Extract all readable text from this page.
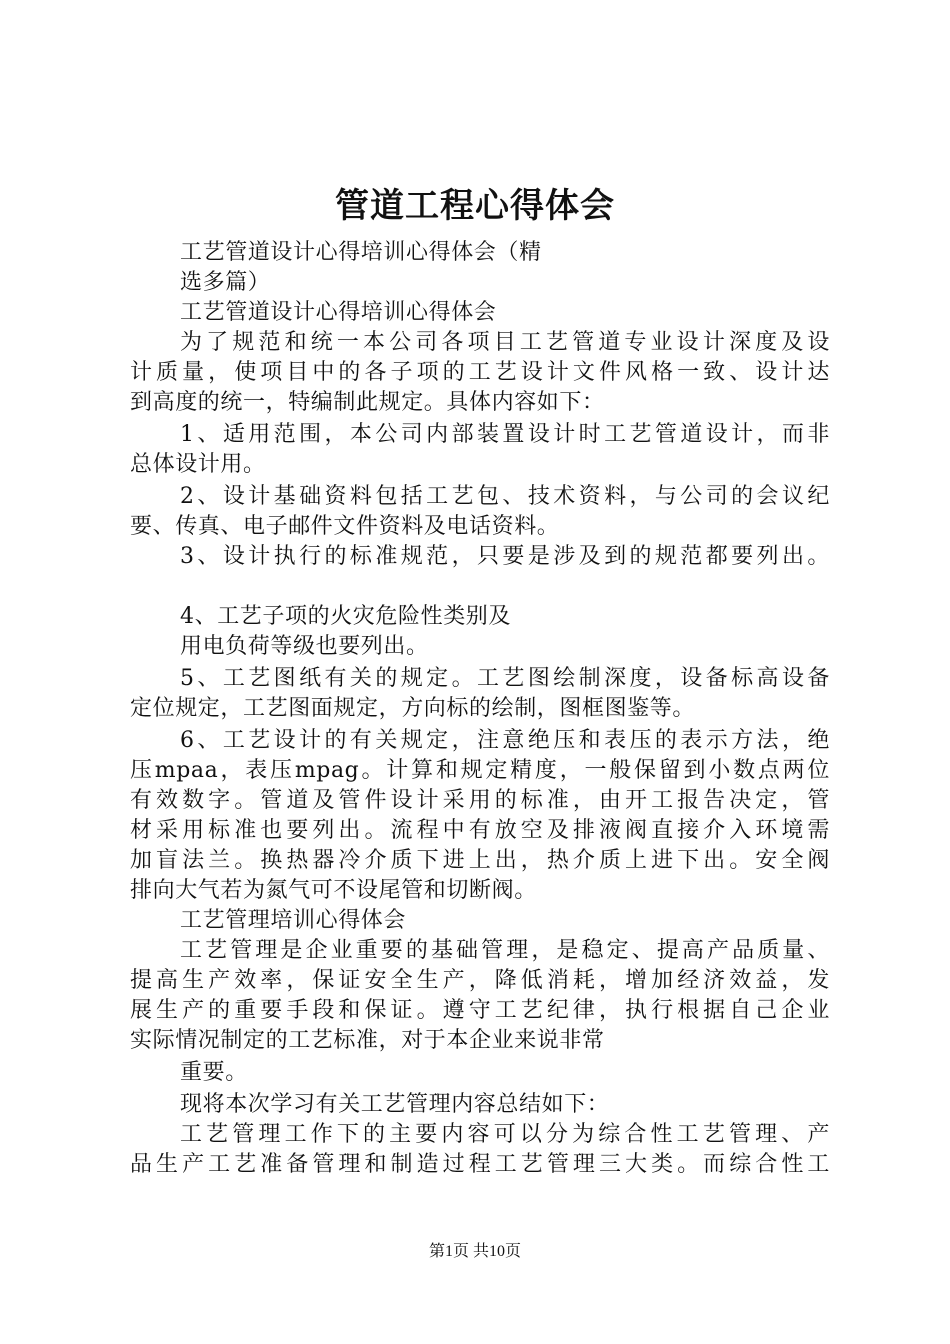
管道工程心得体会
工艺管道设计心得培训心得体会（精
选多篇）
工艺管道设计心得培训心得体会
为了规范和统一本公司各项目工艺管道专业设计深度及设
计质量，使项目中的各子项的工艺设计文件风格一致、设计达
到高度的统一，特编制此规定。具体内容如下：
1、适用范围，本公司内部装置设计时工艺管道设计，而非
总体设计用。
2、设计基础资料包括工艺包、技术资料，与公司的会议纪
要、传真、电子邮件文件资料及电话资料。
3、设计执行的标准规范，只要是涉及到的规范都要列出。
4、工艺子项的火灾危险性类别及
用电负荷等级也要列出。
5、工艺图纸有关的规定。工艺图绘制深度，设备标高设备
定位规定，工艺图面规定，方向标的绘制，图框图鉴等。
6、工艺设计的有关规定，注意绝压和表压的表示方法，绝
压mpaa，表压mpag。计算和规定精度，一般保留到小数点两位
有效数字。管道及管件设计采用的标准，由开工报告决定，管
材采用标准也要列出。流程中有放空及排液阀直接介入环境需
加盲法兰。换热器冷介质下进上出，热介质上进下出。安全阀
排向大气若为氮气可不设尾管和切断阀。
工艺管理培训心得体会
工艺管理是企业重要的基础管理，是稳定、提高产品质量、
提高生产效率，保证安全生产，降低消耗，增加经济效益，发
展生产的重要手段和保证。遵守工艺纪律，执行根据自己企业
实际情况制定的工艺标准，对于本企业来说非常
重要。
现将本次学习有关工艺管理内容总结如下：
工艺管理工作下的主要内容可以分为综合性工艺管理、产
品生产工艺准备管理和制造过程工艺管理三大类。而综合性工
第1页 共10页
